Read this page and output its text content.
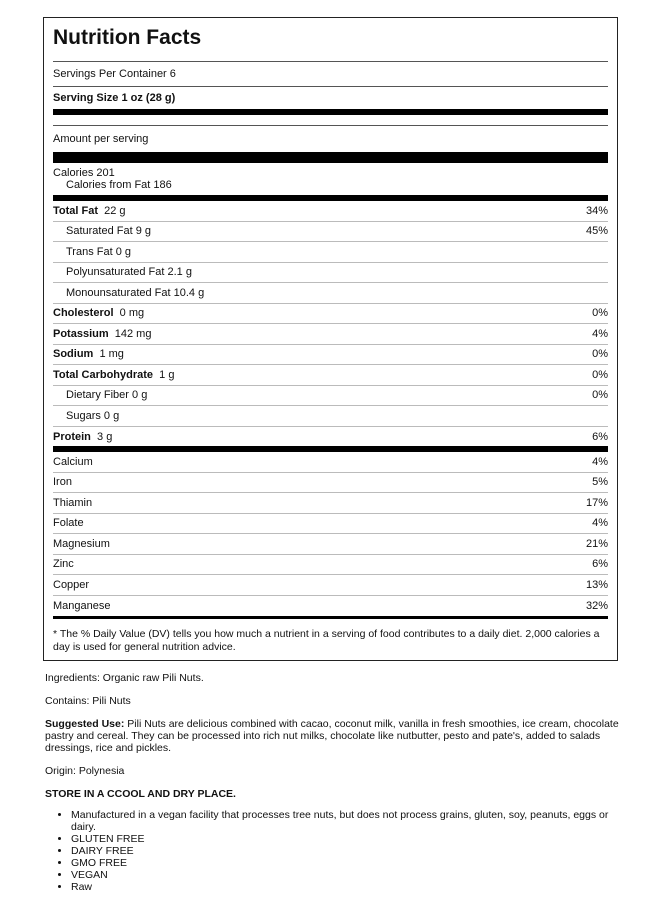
Nutrition Facts
Servings Per Container 6
Serving Size 1 oz (28 g)
Amount per serving
Calories 201
Calories from Fat 186
Total Fat 22 g	34%
Saturated Fat 9 g	45%
Trans Fat 0 g
Polyunsaturated Fat 2.1 g
Monounsaturated Fat 10.4 g
Cholesterol 0 mg	0%
Potassium 142 mg	4%
Sodium 1 mg	0%
Total Carbohydrate 1 g	0%
Dietary Fiber 0 g	0%
Sugars 0 g
Protein 3 g	6%
Calcium	4%
Iron	5%
Thiamin	17%
Folate	4%
Magnesium	21%
Zinc	6%
Copper	13%
Manganese	32%
* The % Daily Value (DV) tells you how much a nutrient in a serving of food contributes to a daily diet. 2,000 calories a day is used for general nutrition advice.

Ingredients: Organic raw Pili Nuts.

Contains: Pili Nuts

Suggested Use: Pili Nuts are delicious combined with cacao, coconut milk, vanilla in fresh smoothies, ice cream, chocolate pastry and cereal. They can be processed into rich nut milks, chocolate like nutbutter, pesto and pate's, added to salads dressings, rice and pickles.

Origin: Polynesia

STORE IN A CCOOL AND DRY PLACE.

• Manufactured in a vegan facility that processes tree nuts, but does not process grains, gluten, soy, peanuts, eggs or dairy.
• GLUTEN FREE
• DAIRY FREE
• GMO FREE
• VEGAN
• Raw
